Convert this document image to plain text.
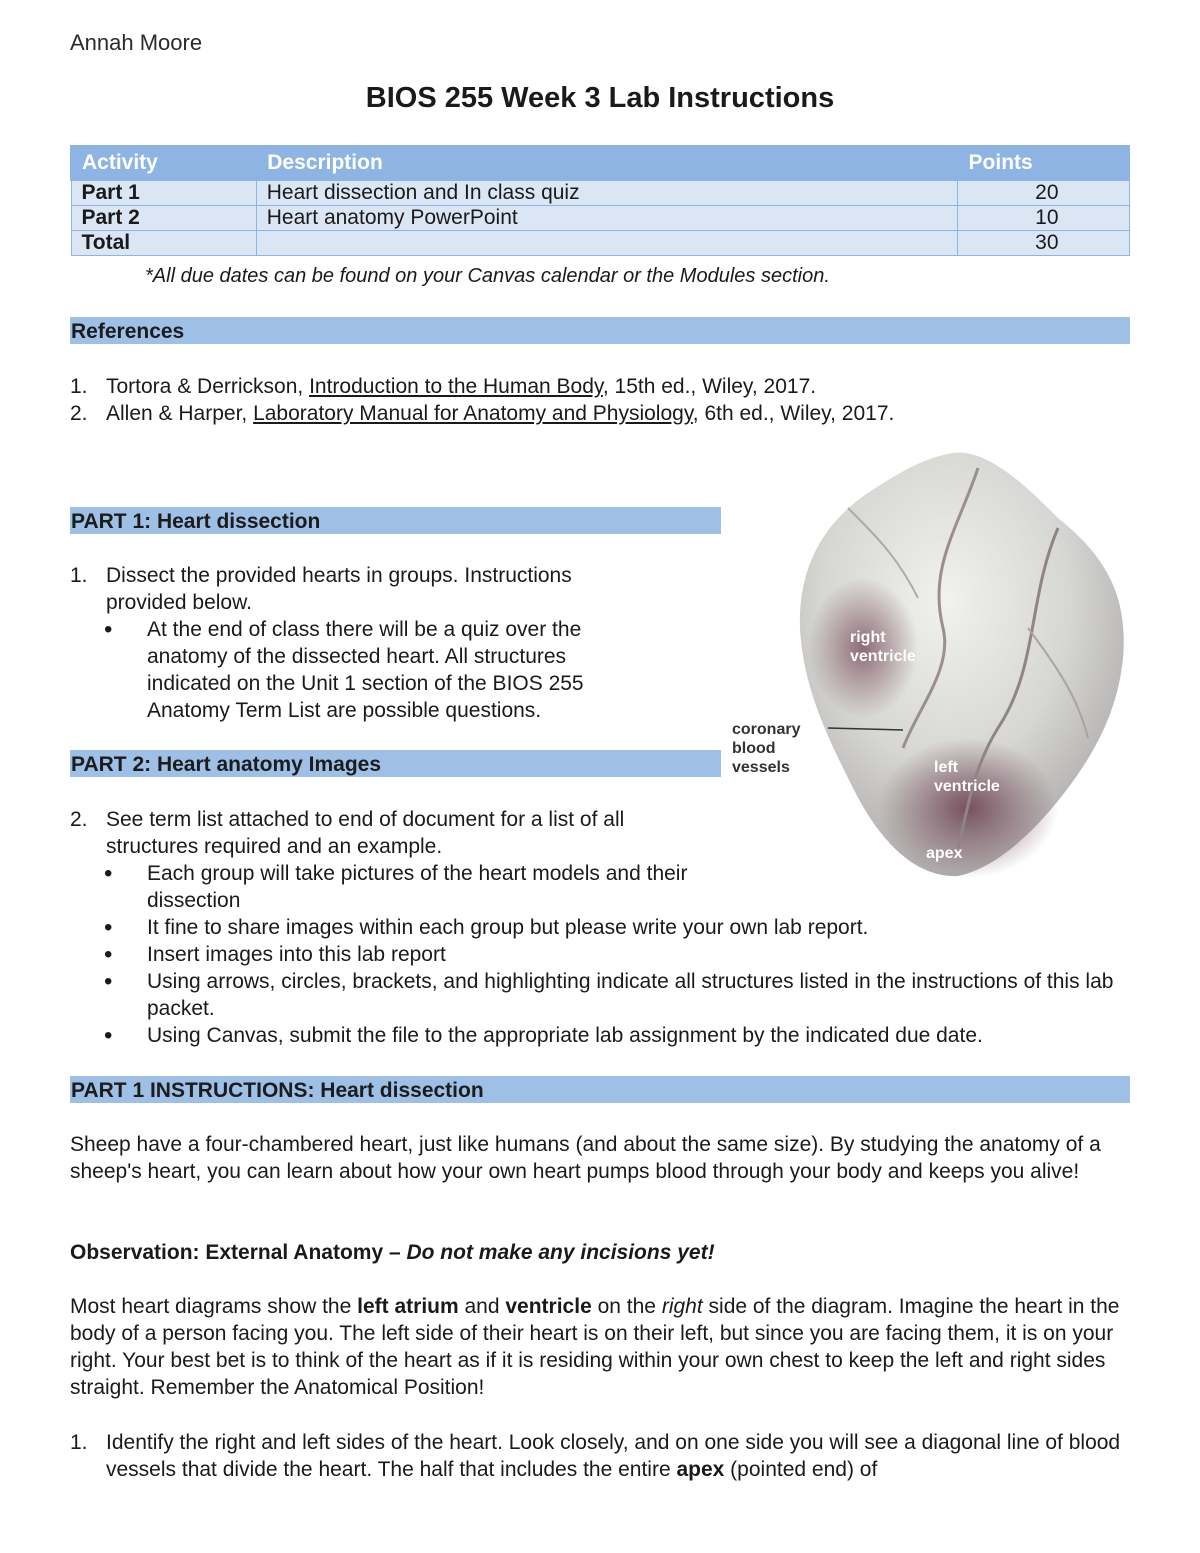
Annah Moore
BIOS 255 Week 3 Lab Instructions
Activity	Description	Points
Part 1	Heart dissection and In class quiz	20
Part 2	Heart anatomy PowerPoint	10
Total		30
*All due dates can be found on your Canvas calendar or the Modules section.
References
1. Tortora & Derrickson, Introduction to the Human Body, 15th ed., Wiley, 2017.
2. Allen & Harper, Laboratory Manual for Anatomy and Physiology, 6th ed., Wiley, 2017.
PART 1: Heart dissection
1. Dissect the provided hearts in groups. Instructions provided below.
• At the end of class there will be a quiz over the anatomy of the dissected heart. All structures indicated on the Unit 1 section of the BIOS 255 Anatomy Term List are possible questions.
PART 2: Heart anatomy Images
2. See term list attached to end of document for a list of all structures required and an example.
• Each group will take pictures of the heart models and their dissection
• It fine to share images within each group but please write your own lab report.
• Insert images into this lab report
• Using arrows, circles, brackets, and highlighting indicate all structures listed in the instructions of this lab packet.
• Using Canvas, submit the file to the appropriate lab assignment by the indicated due date.
right ventricle
coronary blood vessels	left ventricle
apex
PART 1 INSTRUCTIONS: Heart dissection
Sheep have a four-chambered heart, just like humans (and about the same size). By studying the anatomy of a sheep's heart, you can learn about how your own heart pumps blood through your body and keeps you alive!
Observation: External Anatomy – Do not make any incisions yet!
Most heart diagrams show the left atrium and ventricle on the right side of the diagram. Imagine the heart in the body of a person facing you. The left side of their heart is on their left, but since you are facing them, it is on your right. Your best bet is to think of the heart as if it is residing within your own chest to keep the left and right sides straight. Remember the Anatomical Position!
1. Identify the right and left sides of the heart. Look closely, and on one side you will see a diagonal line of blood vessels that divide the heart. The half that includes the entire apex (pointed end) of
